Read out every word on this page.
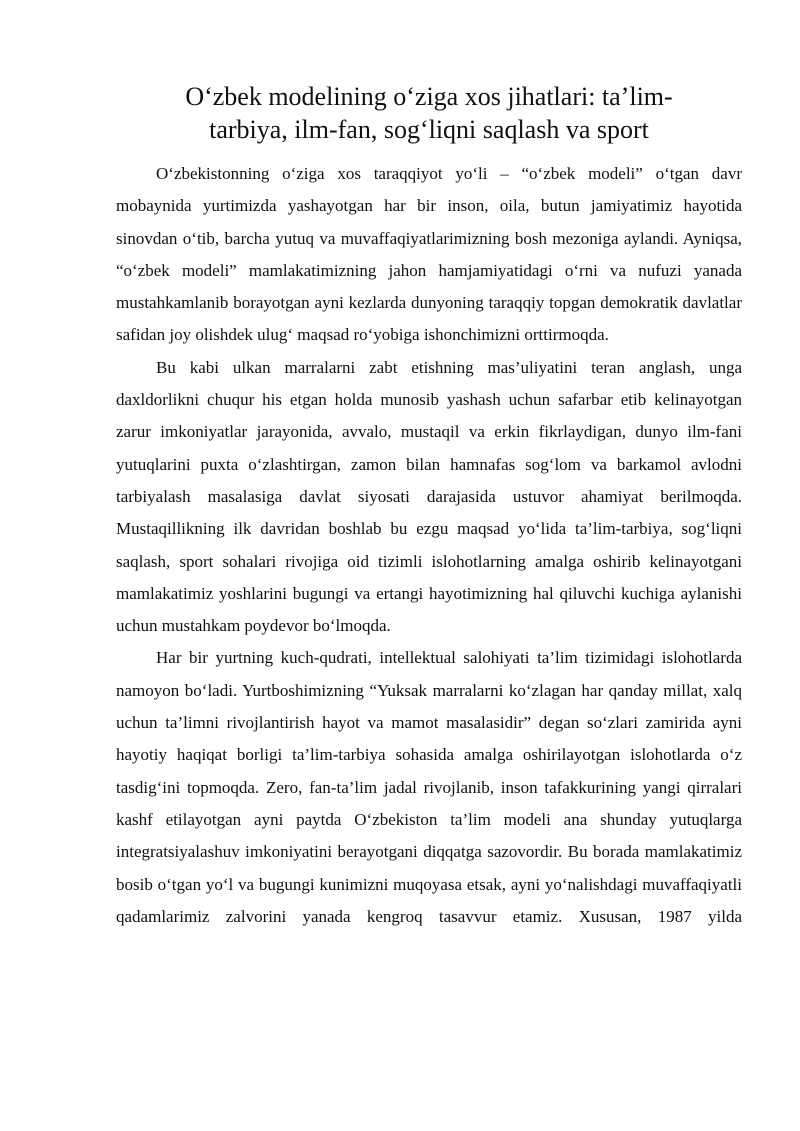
O‘zbek modelining o‘ziga xos jihatlari: ta’lim-
tarbiya, ilm-fan, sog‘liqni saqlash va sport

O‘zbekistonning o‘ziga xos taraqqiyot yo‘li – “o‘zbek modeli” o‘tgan davr mobaynida yurtimizda yashayotgan har bir inson, oila, butun jamiyatimiz hayotida sinovdan o‘tib, barcha yutuq va muvaffaqiyatlarimizning bosh mezoniga aylandi. Ayniqsa, “o‘zbek modeli” mamlakatimizning jahon hamjamiyatidagi o‘rni va nufuzi yanada mustahkamlanib borayotgan ayni kezlarda dunyoning taraqqiy topgan demokratik davlatlar safidan joy olishdek ulug‘ maqsad ro‘yobiga ishonchimizni orttirmoqda.

Bu kabi ulkan marralarni zabt etishning mas’uliyatini teran anglash, unga daxldorlikni chuqur his etgan holda munosib yashash uchun safarbar etib kelinayotgan zarur imkoniyatlar jarayonida, avvalo, mustaqil va erkin fikrlaydigan, dunyo ilm-fani yutuqlarini puxta o‘zlashtirgan, zamon bilan hamnafas sog‘lom va barkamol avlodni tarbiyalash masalasiga davlat siyosati darajasida ustuvor ahamiyat berilmoqda. Mustaqillikning ilk davridan boshlab bu ezgu maqsad yo‘lida ta’lim-tarbiya, sog‘liqni saqlash, sport sohalari rivojiga oid tizimli islohotlarning amalga oshirib kelinayotgani mamlakatimiz yoshlarini bugungi va ertangi hayotimizning hal qiluvchi kuchiga aylanishi uchun mustahkam poydevor bo‘lmoqda.

Har bir yurtning kuch-qudrati, intellektual salohiyati ta’lim tizimidagi islohotlarda namoyon bo‘ladi. Yurtboshimizning “Yuksak marralarni ko‘zlagan har qanday millat, xalq uchun ta’limni rivojlantirish hayot va mamot masalasidir” degan so‘zlari zamirida ayni hayotiy haqiqat borligi ta’lim-tarbiya sohasida amalga oshirilayotgan islohotlarda o‘z tasdig‘ini topmoqda. Zero, fan-ta’lim jadal rivojlanib, inson tafakkurining yangi qirralari kashf etilayotgan ayni paytda O‘zbekiston ta’lim modeli ana shunday yutuqlarga integratsiyalashuv imkoniyatini berayotgani diqqatga sazovordir. Bu borada mamlakatimiz bosib o‘tgan yo‘l va bugungi kunimizni muqoyasa etsak, ayni yo‘nalishdagi muvaffaqiyatli qadamlarimiz zalvorini yanada kengroq tasavvur etamiz. Xususan, 1987 yilda
